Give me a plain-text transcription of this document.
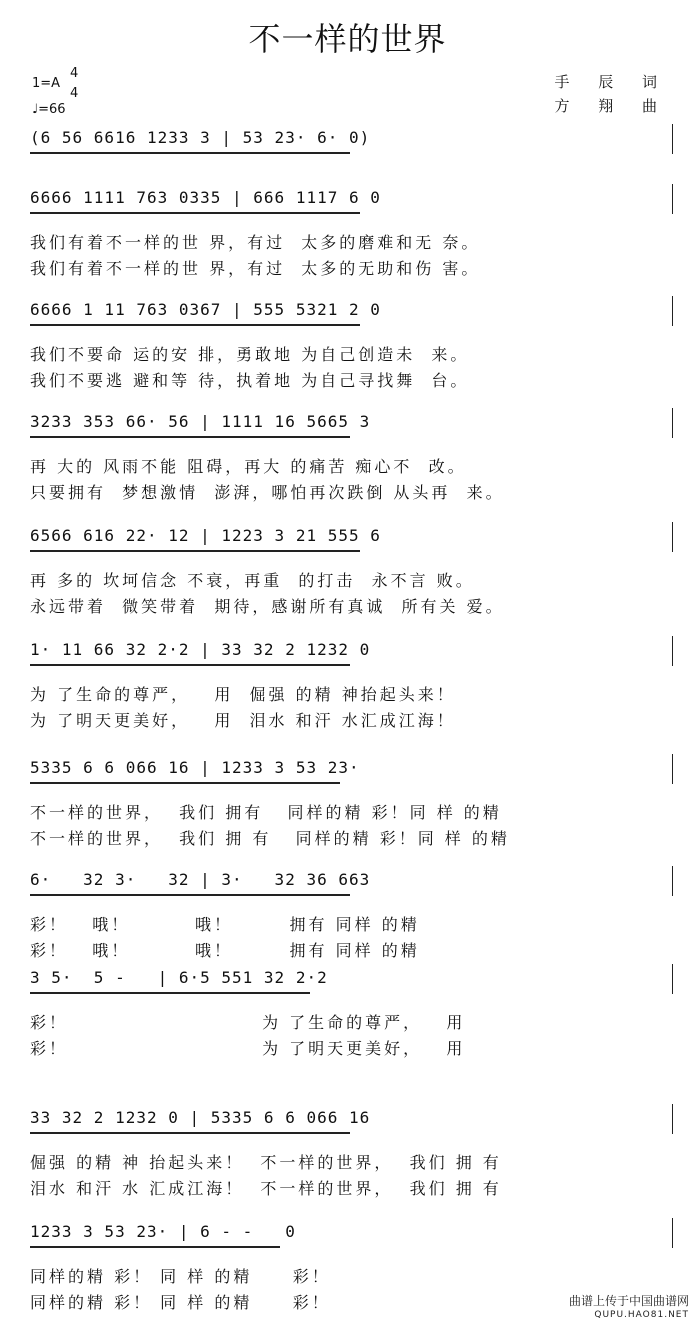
不一样的世界
1=A
4
4
♩=66
手 辰 词
方 翔 曲
(6 56 6616 1233 3 | 53 23· 6· 0)
6666 1111 763 0335 | 666 1117 6 0
我们有着不一样的世 界，有过  太多的磨难和无 奈。
我们有着不一样的世 界，有过  太多的无助和伤 害。
6666 1 11 763 0367 | 555 5321 2 0
我们不要命 运的安 排，勇敢地 为自己创造未  来。
我们不要逃 避和等 待，执着地 为自己寻找舞  台。
3233 353 66· 56 | 1111 16 5665 3
再 大的 风雨不能 阻碍，再大 的痛苦 痴心不  改。
只要拥有  梦想激情  澎湃，哪怕再次跌倒 从头再  来。
6566 616 22· 12 | 1223 3 21 555 6
再 多的 坎坷信念 不衰，再重  的打击  永不言 败。
永远带着  微笑带着  期待，感谢所有真诚  所有关 爱。
1· 11 66 32 2·2 | 33 32 2 1232 0
为 了生命的尊严，   用  倔强 的精 神抬起头来！
为 了明天更美好，   用  泪水 和汗 水汇成江海！
5335 6 6 066 16 | 1233 3 53 23·
不一样的世界，  我们 拥有   同样的精 彩！同 样 的精
不一样的世界，  我们 拥 有   同样的精 彩！同 样 的精
6·   32 3·   32 | 3·   32 36 663
彩！   哦！        哦！       拥有 同样 的精
彩！   哦！        哦！       拥有 同样 的精
3 5·  5 -   | 6·5 551 32 2·2
彩！                        为 了生命的尊严，   用
彩！                        为 了明天更美好，   用
33 32 2 1232 0 | 5335 6 6 066 16
倔强 的精 神 抬起头来！  不一样的世界，  我们 拥 有
泪水 和汗 水 汇成江海！  不一样的世界，  我们 拥 有
1233 3 53 23· | 6 - -   0
同样的精 彩！ 同 样 的精     彩！
同样的精 彩！ 同 样 的精     彩！	曲谱上传于中国曲谱网
QUPU.HAO81.NET
